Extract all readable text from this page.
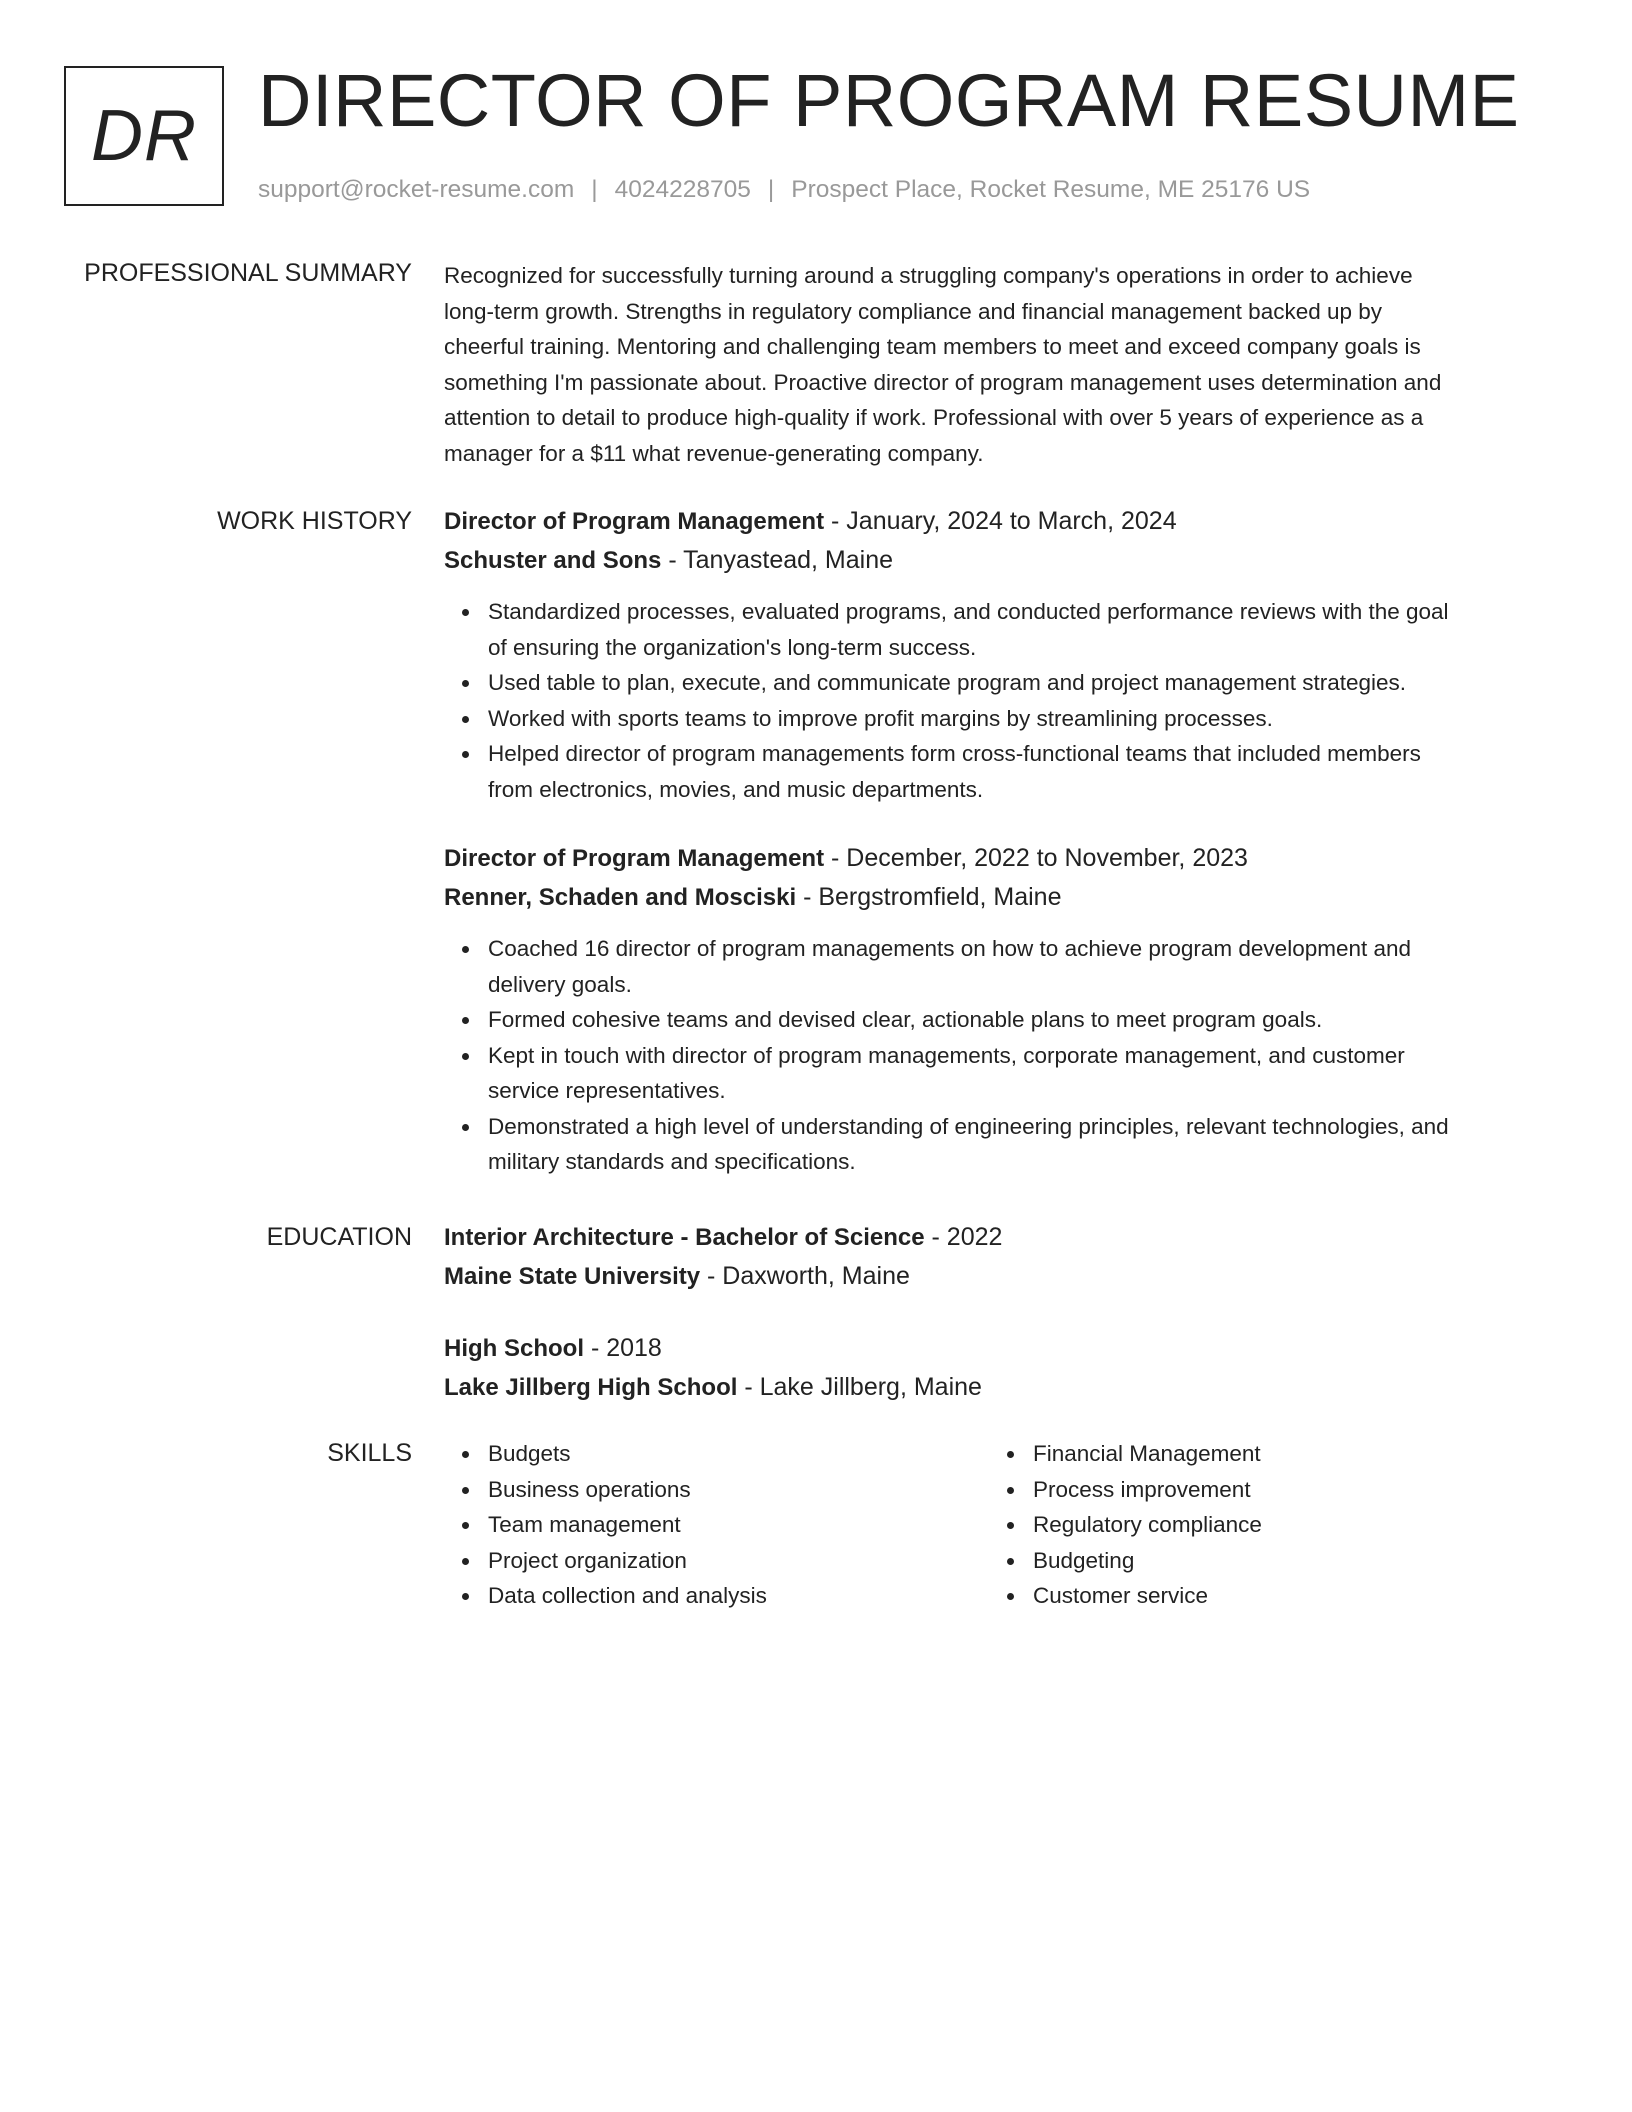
DR DIRECTOR OF PROGRAM RESUME
support@rocket-resume.com | 4024228705 | Prospect Place, Rocket Resume, ME 25176 US
PROFESSIONAL SUMMARY Recognized for successfully turning around a struggling company's operations in order to achieve
long-term growth. Strengths in regulatory compliance and financial management backed up by
cheerful training. Mentoring and challenging team members to meet and exceed company goals is
something I'm passionate about. Proactive director of program management uses determination and
attention to detail to produce high-quality if work. Professional with over 5 years of experience as a
manager for a $11 what revenue-generating company.

WORK HISTORY Director of Program Management - January, 2024 to March, 2024

Schuster and Sons - Tanyastead, Maine

Standardized processes, evaluated programs, and conducted performance reviews with the goal
of ensuring the organization's long-term success.
Used table to plan, execute, and communicate program and project management strategies.
Worked with sports teams to improve profit margins by streamlining processes.
Helped director of program managements form cross-functional teams that included members
from electronics, movies, and music departments.

Director of Program Management - December, 2022 to November, 2023

Renner, Schaden and Mosciski - Bergstromfield, Maine

Coached 16 director of program managements on how to achieve program development and
delivery goals.
Formed cohesive teams and devised clear, actionable plans to meet program goals.
Kept in touch with director of program managements, corporate management, and customer
service representatives.
Demonstrated a high level of understanding of engineering principles, relevant technologies, and
military standards and specifications.
EDUCATION Interior Architecture - Bachelor of Science - 2022

Maine State University - Daxworth, Maine

High School - 2018

Lake Jillberg High School - Lake Jillberg, Maine

SKILLS	Budgets
Business operations
Team management
Project organization
Data collection and analysis
Financial Management
Process improvement
Regulatory compliance
Budgeting
Customer service
